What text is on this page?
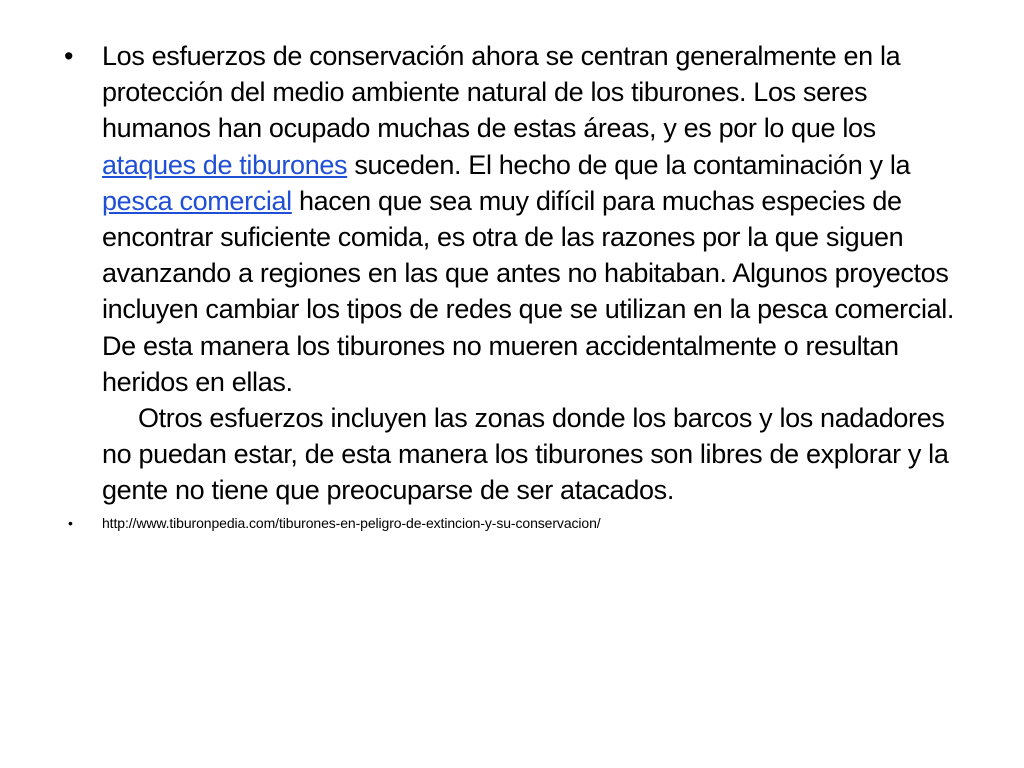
• Los esfuerzos de conservación ahora se centran generalmente en la protección del medio ambiente natural de los tiburones. Los seres humanos han ocupado muchas de estas áreas, y es por lo que los ataques de tiburones suceden. El hecho de que la contaminación y la pesca comercial hacen que sea muy difícil para muchas especies de encontrar suficiente comida, es otra de las razones por la que siguen avanzando a regiones en las que antes no habitaban. Algunos proyectos incluyen cambiar los tipos de redes que se utilizan en la pesca comercial. De esta manera los tiburones no mueren accidentalmente o resultan heridos en ellas.

Otros esfuerzos incluyen las zonas donde los barcos y los nadadores no puedan estar, de esta manera los tiburones son libres de explorar y la gente no tiene que preocuparse de ser atacados.

• http://www.tiburonpedia.com/tiburones-en-peligro-de-extincion-y-su-conservacion/
